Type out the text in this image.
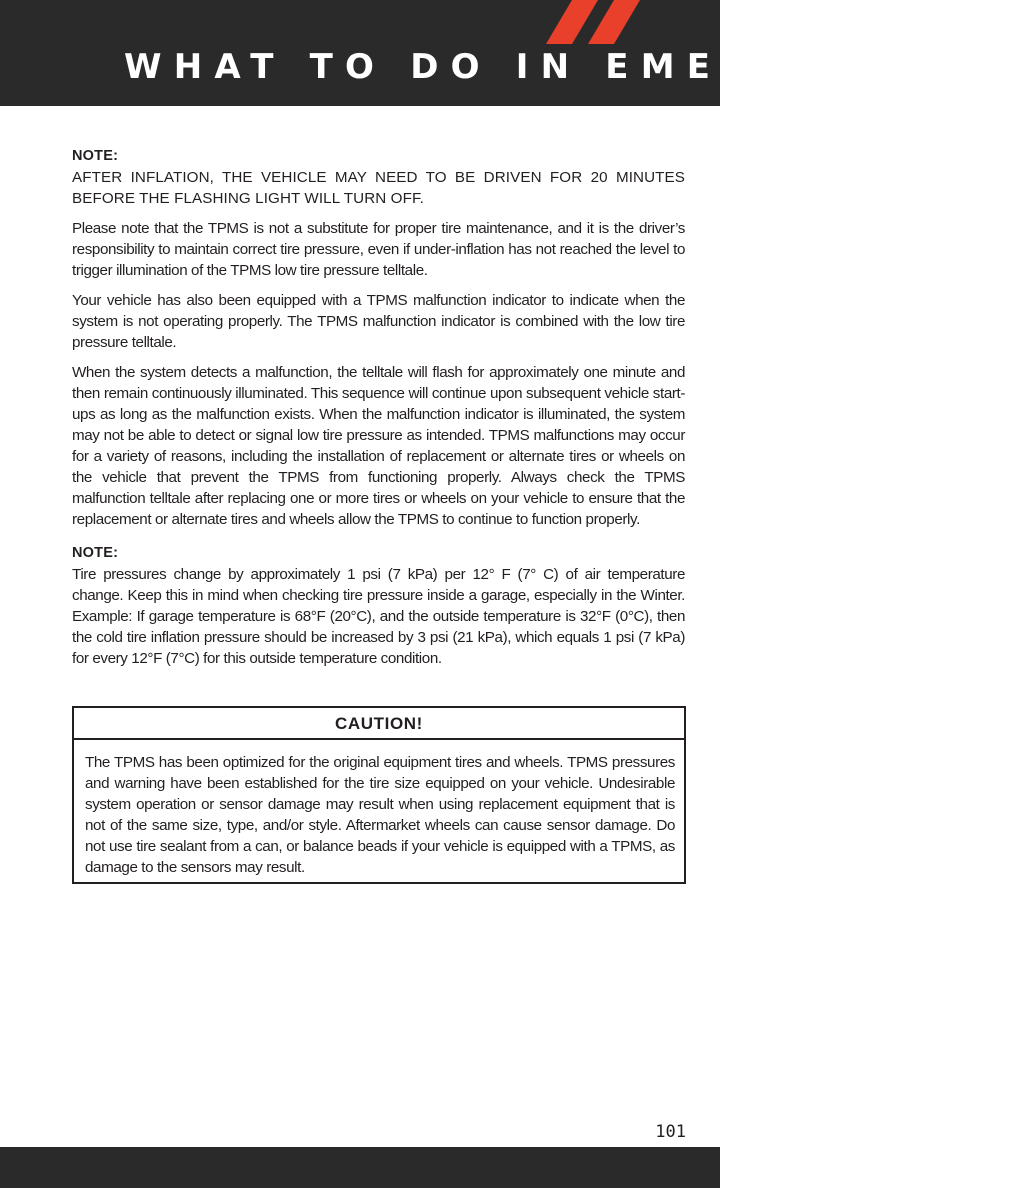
WHAT TO DO IN EMERGENCIES
NOTE:

AFTER INFLATION, THE VEHICLE MAY NEED TO BE DRIVEN FOR 20 MINUTES BEFORE THE FLASHING LIGHT WILL TURN OFF.

Please note that the TPMS is not a substitute for proper tire maintenance, and it is the driver’s responsibility to maintain correct tire pressure, even if under-inflation has not reached the level to trigger illumination of the TPMS low tire pressure telltale.

Your vehicle has also been equipped with a TPMS malfunction indicator to indicate when the system is not operating properly. The TPMS malfunction indicator is combined with the low tire pressure telltale.

When the system detects a malfunction, the telltale will flash for approximately one minute and then remain continuously illuminated. This sequence will continue upon subsequent vehicle start-ups as long as the malfunction exists. When the malfunction indicator is illuminated, the system may not be able to detect or signal low tire pressure as intended. TPMS malfunctions may occur for a variety of reasons, including the installation of replacement or alternate tires or wheels on the vehicle that prevent the TPMS from functioning properly. Always check the TPMS malfunction telltale after replacing one or more tires or wheels on your vehicle to ensure that the replacement or alternate tires and wheels allow the TPMS to continue to function properly.

NOTE:

Tire pressures change by approximately 1 psi (7 kPa) per 12° F (7° C) of air temperature change. Keep this in mind when checking tire pressure inside a garage, especially in the Winter. Example: If garage temperature is 68°F (20°C), and the outside temperature is 32°F (0°C), then the cold tire inflation pressure should be increased by 3 psi (21 kPa), which equals 1 psi (7 kPa) for every 12°F (7°C) for this outside temperature condition.

CAUTION!
The TPMS has been optimized for the original equipment tires and wheels. TPMS pressures and warning have been established for the tire size equipped on your vehicle. Undesirable system operation or sensor damage may result when using replacement equipment that is not of the same size, type, and/or style. Aftermarket wheels can cause sensor damage. Do not use tire sealant from a can, or balance beads if your vehicle is equipped with a TPMS, as damage to the sensors may result.
101
